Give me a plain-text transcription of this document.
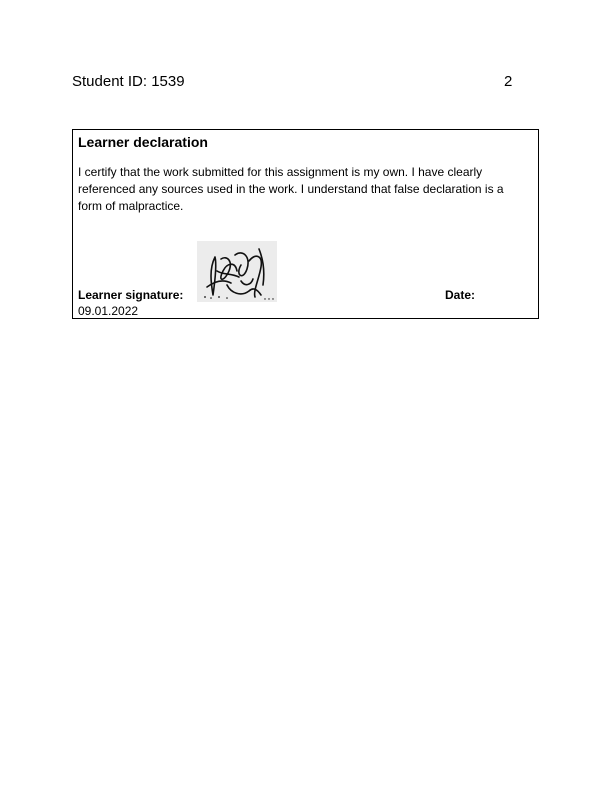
Student ID: 1539	2
Learner declaration
I certify that the work submitted for this assignment is my own. I have clearly referenced any sources used in the work. I understand that false declaration is a form of malpractice.
Learner signature:	Date:
09.01.2022
